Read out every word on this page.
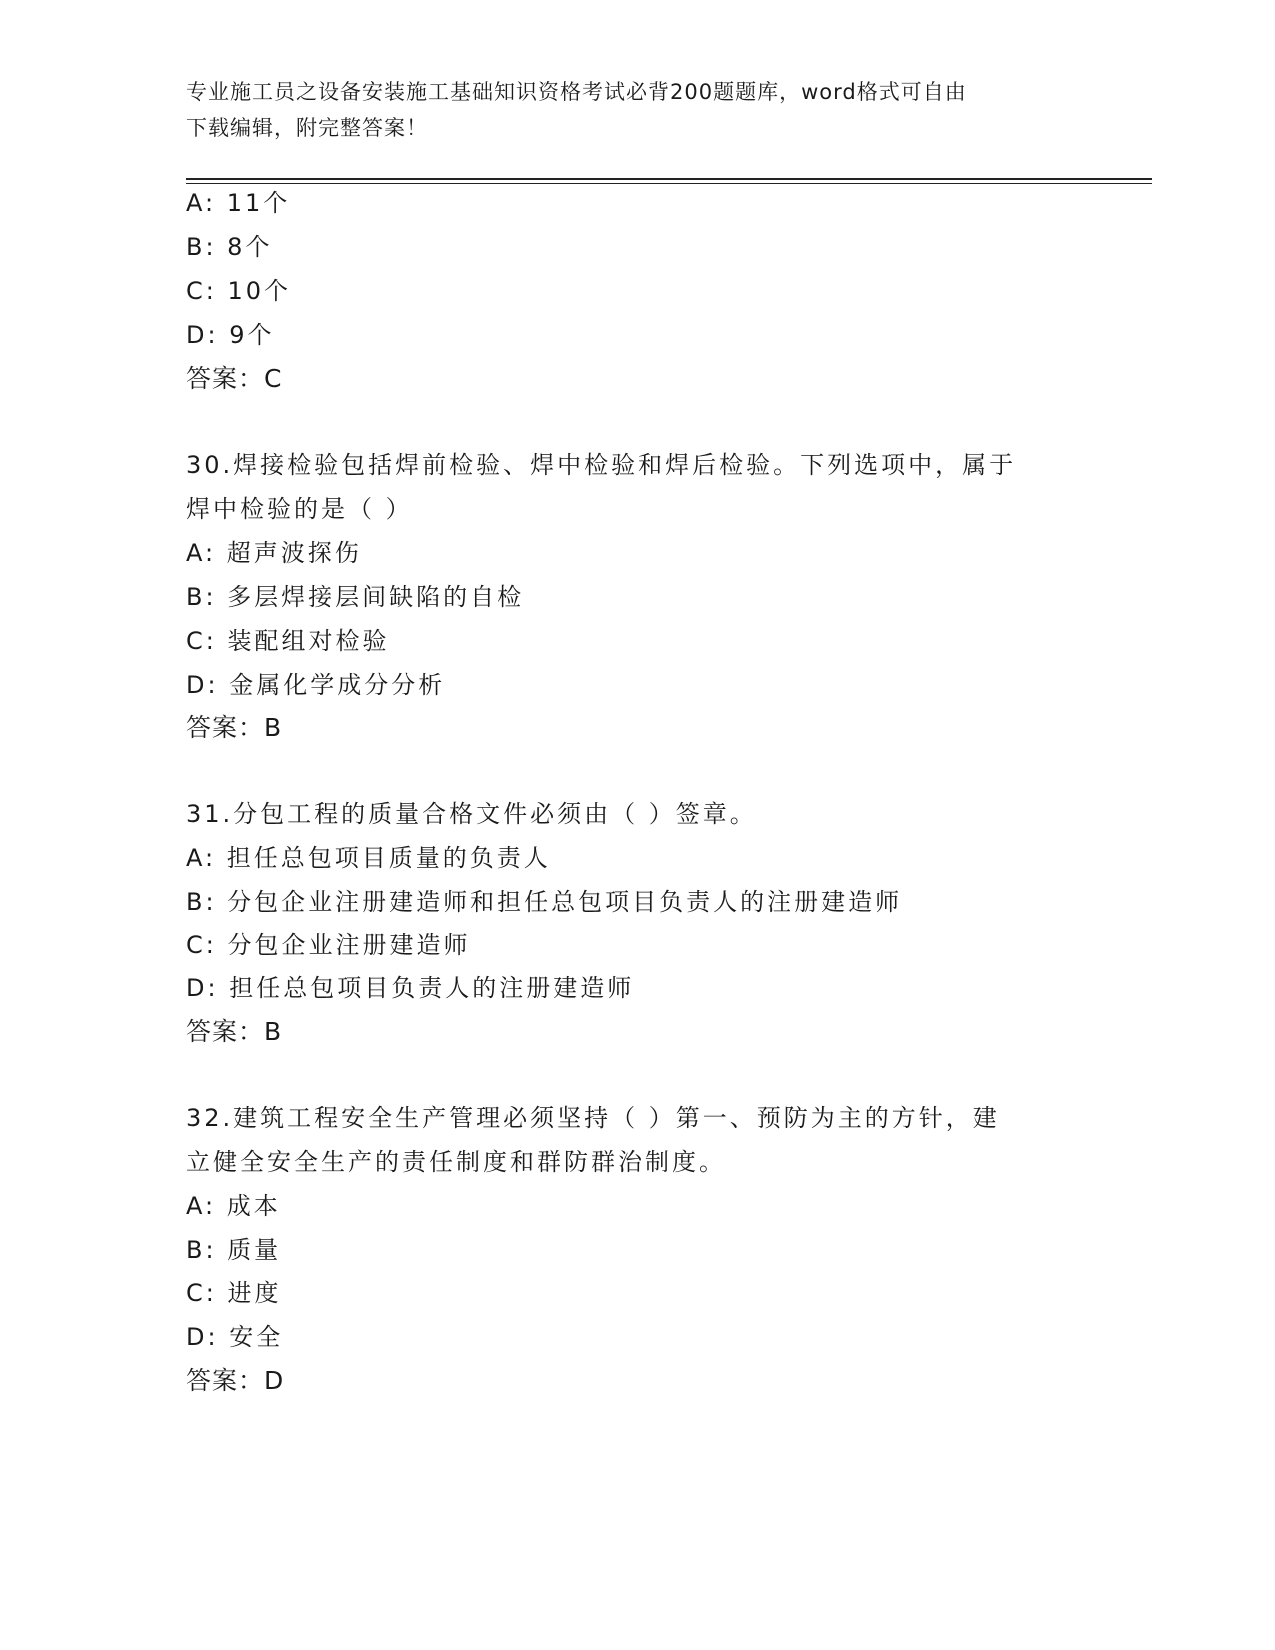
专业施工员之设备安装施工基础知识资格考试必背200题题库，word格式可自由
下载编辑，附完整答案！
A: 11个
B: 8个
C: 10个
D: 9个
答案：C
30.焊接检验包括焊前检验、焊中检验和焊后检验。下列选项中，属于
焊中检验的是（ ）
A: 超声波探伤
B: 多层焊接层间缺陷的自检
C: 装配组对检验
D: 金属化学成分分析
答案：B
31.分包工程的质量合格文件必须由（ ）签章。
A: 担任总包项目质量的负责人
B: 分包企业注册建造师和担任总包项目负责人的注册建造师
C: 分包企业注册建造师
D: 担任总包项目负责人的注册建造师
答案：B
32.建筑工程安全生产管理必须坚持（ ）第一、预防为主的方针，建
立健全安全生产的责任制度和群防群治制度。
A: 成本
B: 质量
C: 进度
D: 安全
答案：D
